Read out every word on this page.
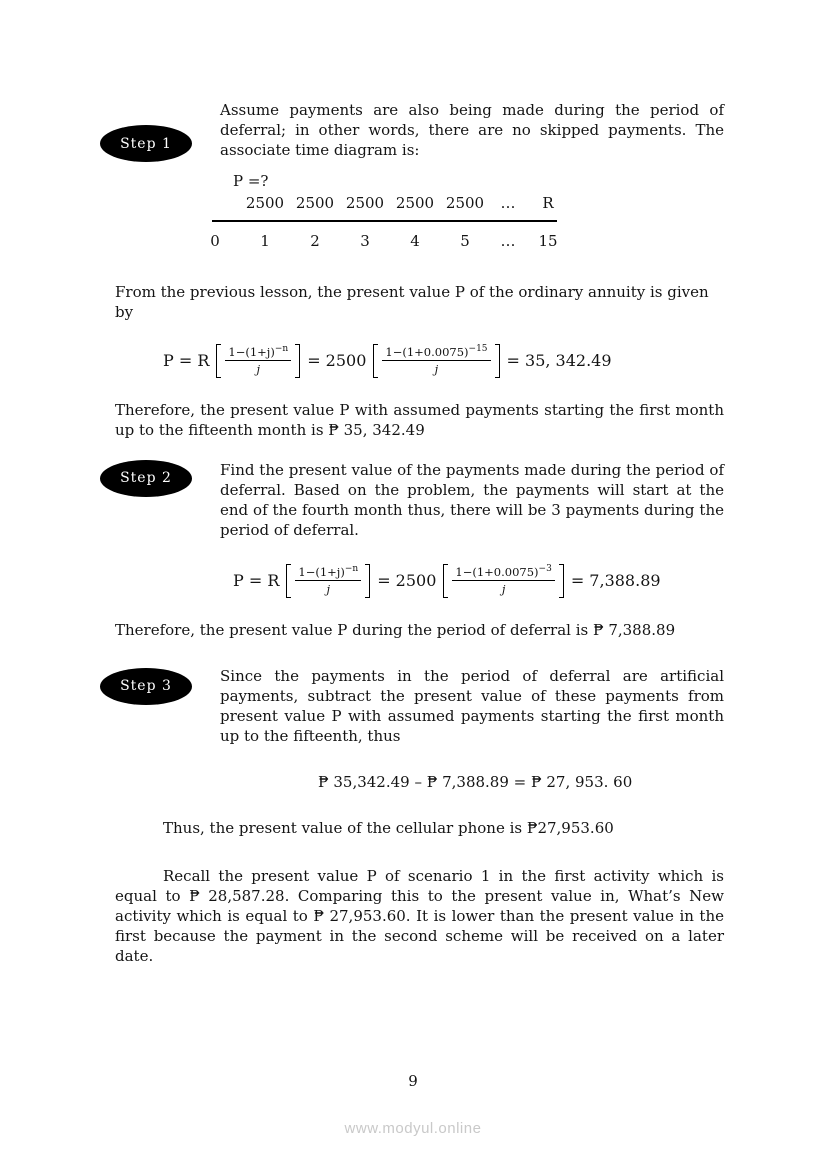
Step 1

Assume payments are also being made during the period of deferral; in other words, there are no skipped payments. The associate time diagram is:

P =?
2500 2500 2500 2500 2500	…	R
0	1	2	3	4	5	…	15

From the previous lesson, the present value P of the ordinary annuity is given by

P = R $\frac{1-(1+j)^{-n}}{j} = 2500 \frac{1-(1+0.0075)^{-15}}{j} = 35$, 342.49

Therefore, the present value P with assumed payments starting the first month up to the fifteenth month is ₱ 35, 342.49

Step 2	Find the present value of the payments made during the period of deferral. Based on the problem, the payments will start at the end of the fourth month thus, there will be 3 payments during the period of deferral.

P = R $\frac{1-(1+j)^{-n}}{j} = 2500 \frac{1-(1+0.0075)^{-3}}{j} = 7,388.89$

Therefore, the present value P during the period of deferral is ₱ 7,388.89

Step 3

Since the payments in the period of deferral are artificial payments, subtract the present value of these payments from present value P with assumed payments starting the first month up to the fifteenth, thus

₱ 35,342.49 – ₱ 7,388.89 = ₱ 27, 953. 60

Thus, the present value of the cellular phone is ₱27,953.60

Recall the present value P of scenario 1 in the first activity which is equal to ₱ 28,587.28. Comparing this to the present value in, What’s New activity which is equal to ₱ 27,953.60. It is lower than the present value in the first because the payment in the second scheme will be received on a later date.

9
www.modyul.online
